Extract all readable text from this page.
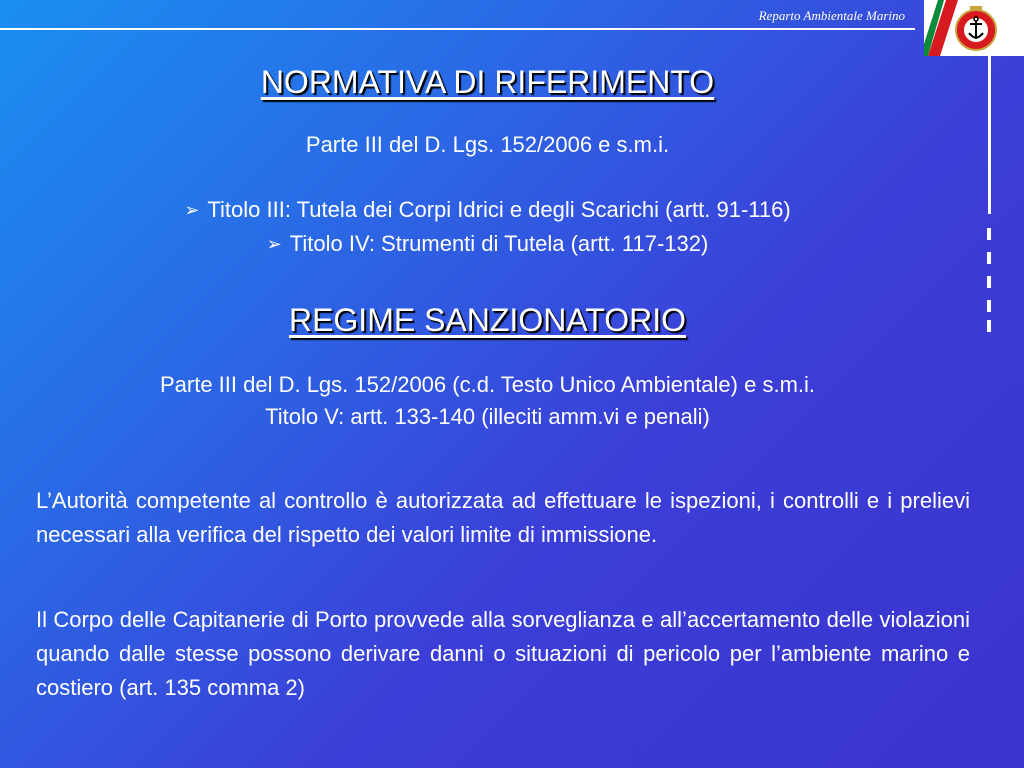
Reparto Ambientale Marino
NORMATIVA DI RIFERIMENTO
Parte III del D. Lgs. 152/2006 e s.m.i.
➢ Titolo III: Tutela dei Corpi Idrici e degli Scarichi (artt. 91-116)
➢ Titolo IV: Strumenti di Tutela (artt. 117-132)
REGIME SANZIONATORIO
Parte III del D. Lgs. 152/2006 (c.d. Testo Unico Ambientale) e s.m.i.
Titolo V: artt. 133-140 (illeciti amm.vi e penali)

L’Autorità competente al controllo è autorizzata ad effettuare le ispezioni, i controlli e i prelievi necessari alla verifica del rispetto dei valori limite di immissione.

Il Corpo delle Capitanerie di Porto provvede alla sorveglianza e all’accertamento delle violazioni quando dalle stesse possono derivare danni o situazioni di pericolo per l’ambiente marino e costiero (art. 135 comma 2)
